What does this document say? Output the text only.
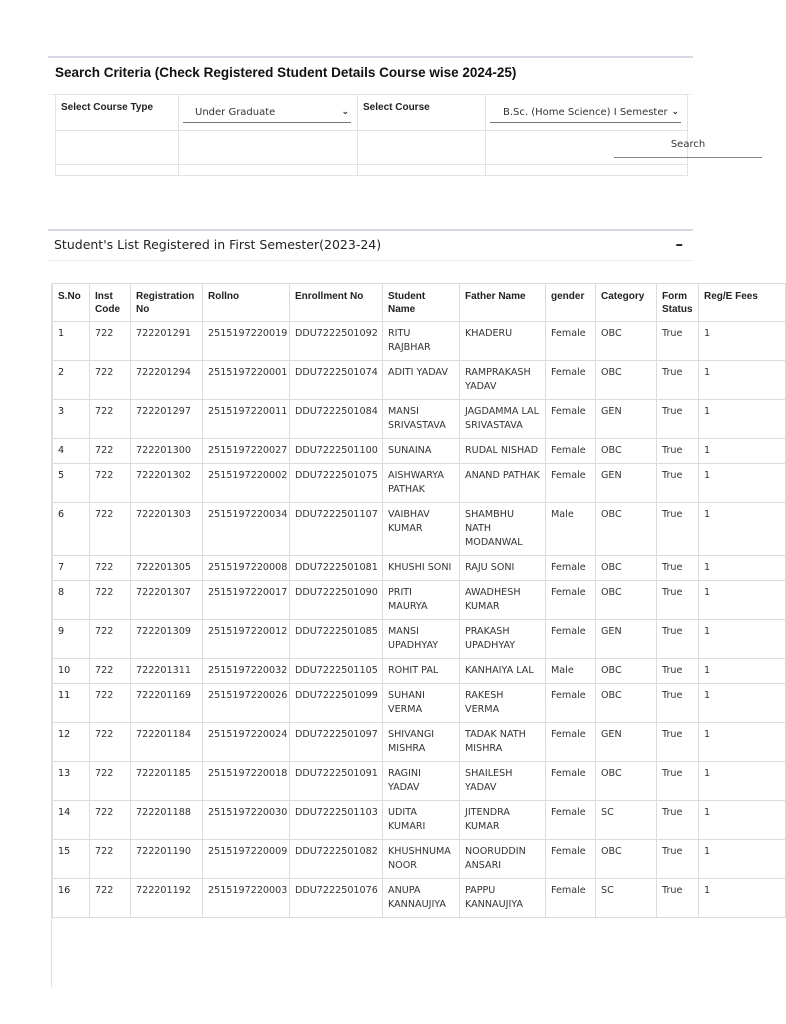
Search Criteria (Check Registered Student Details Course wise 2024-25)
Select Course Type	Under Graduate ⌄	Select Course	B.Sc. (Home Science) I Semester ⌄

			Search

Student's List Registered in First Semester(2023-24)	–
S.No	Inst Code	Registration No	Rollno	Enrollment No	Student Name	Father Name	gender	Category	Form Status	Reg/E Fees
1	722	722201291	2515197220019	DDU7222501092	RITU RAJBHAR	KHADERU	Female	OBC	True	1
2	722	722201294	2515197220001	DDU7222501074	ADITI YADAV	RAMPRAKASH YADAV	Female	OBC	True	1
3	722	722201297	2515197220011	DDU7222501084	MANSI SRIVASTAVA	JAGDAMMA LAL SRIVASTAVA	Female	GEN	True	1
4	722	722201300	2515197220027	DDU7222501100	SUNAINA	RUDAL NISHAD	Female	OBC	True	1
5	722	722201302	2515197220002	DDU7222501075	AISHWARYA PATHAK	ANAND PATHAK	Female	GEN	True	1
6	722	722201303	2515197220034	DDU7222501107	VAIBHAV KUMAR	SHAMBHU NATH MODANWAL	Male	OBC	True	1
7	722	722201305	2515197220008	DDU7222501081	KHUSHI SONI	RAJU SONI	Female	OBC	True	1
8	722	722201307	2515197220017	DDU7222501090	PRITI MAURYA	AWADHESH KUMAR	Female	OBC	True	1
9	722	722201309	2515197220012	DDU7222501085	MANSI UPADHYAY	PRAKASH UPADHYAY	Female	GEN	True	1
10	722	722201311	2515197220032	DDU7222501105	ROHIT PAL	KANHAIYA LAL	Male	OBC	True	1
11	722	722201169	2515197220026	DDU7222501099	SUHANI VERMA	RAKESH VERMA	Female	OBC	True	1
12	722	722201184	2515197220024	DDU7222501097	SHIVANGI MISHRA	TADAK NATH MISHRA	Female	GEN	True	1
13	722	722201185	2515197220018	DDU7222501091	RAGINI YADAV	SHAILESH YADAV	Female	OBC	True	1
14	722	722201188	2515197220030	DDU7222501103	UDITA KUMARI	JITENDRA KUMAR	Female	SC	True	1
15	722	722201190	2515197220009	DDU7222501082	KHUSHNUMA NOOR	NOORUDDIN ANSARI	Female	OBC	True	1
16	722	722201192	2515197220003	DDU7222501076	ANUPA KANNAUJIYA	PAPPU KANNAUJIYA	Female	SC	True	1
